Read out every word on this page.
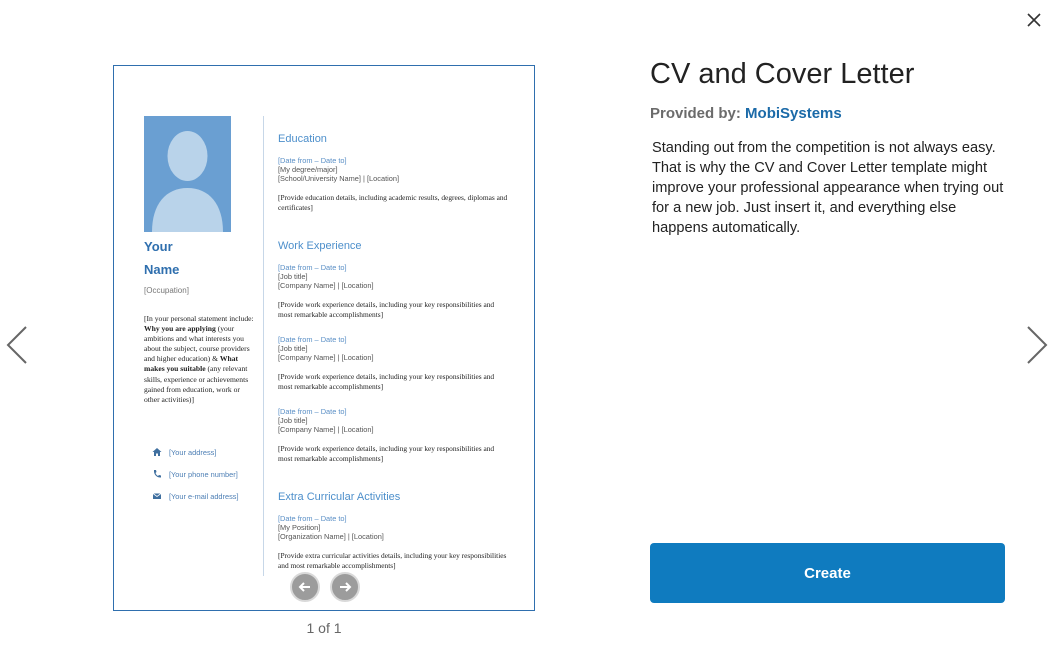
Your
Name
[Occupation]
[In your personal statement include: Why you are applying (your ambitions and what interests you about the subject, course providers and higher education) & What makes you suitable (any relevant skills, experience or achievements gained from education, work or other activities)]
[Your address]
[Your phone number]
[Your e-mail address]
Education
[Date from – Date to]
[My degree/major]
[School/University Name] | [Location]
[Provide education details, including academic results, degrees, diplomas and certificates]
Work Experience
[Date from – Date to]
[Job title]
[Company Name] | [Location]
[Provide work experience details, including your key responsibilities and most remarkable accomplishments]
[Date from – Date to]
[Job title]
[Company Name] | [Location]
[Provide work experience details, including your key responsibilities and most remarkable accomplishments]
[Date from – Date to]
[Job title]
[Company Name] | [Location]
[Provide work experience details, including your key responsibilities and most remarkable accomplishments]
Extra Curricular Activities
[Date from – Date to]
[My Position]
[Organization Name] | [Location]
[Provide extra curricular activities details, including your key responsibilities and most remarkable accomplishments]
1 of 1
CV and Cover Letter
Provided by: MobiSystems
Standing out from the competition is not always easy. That is why the CV and Cover Letter template might improve your professional appearance when trying out for a new job. Just insert it, and everything else happens automatically.
Create
